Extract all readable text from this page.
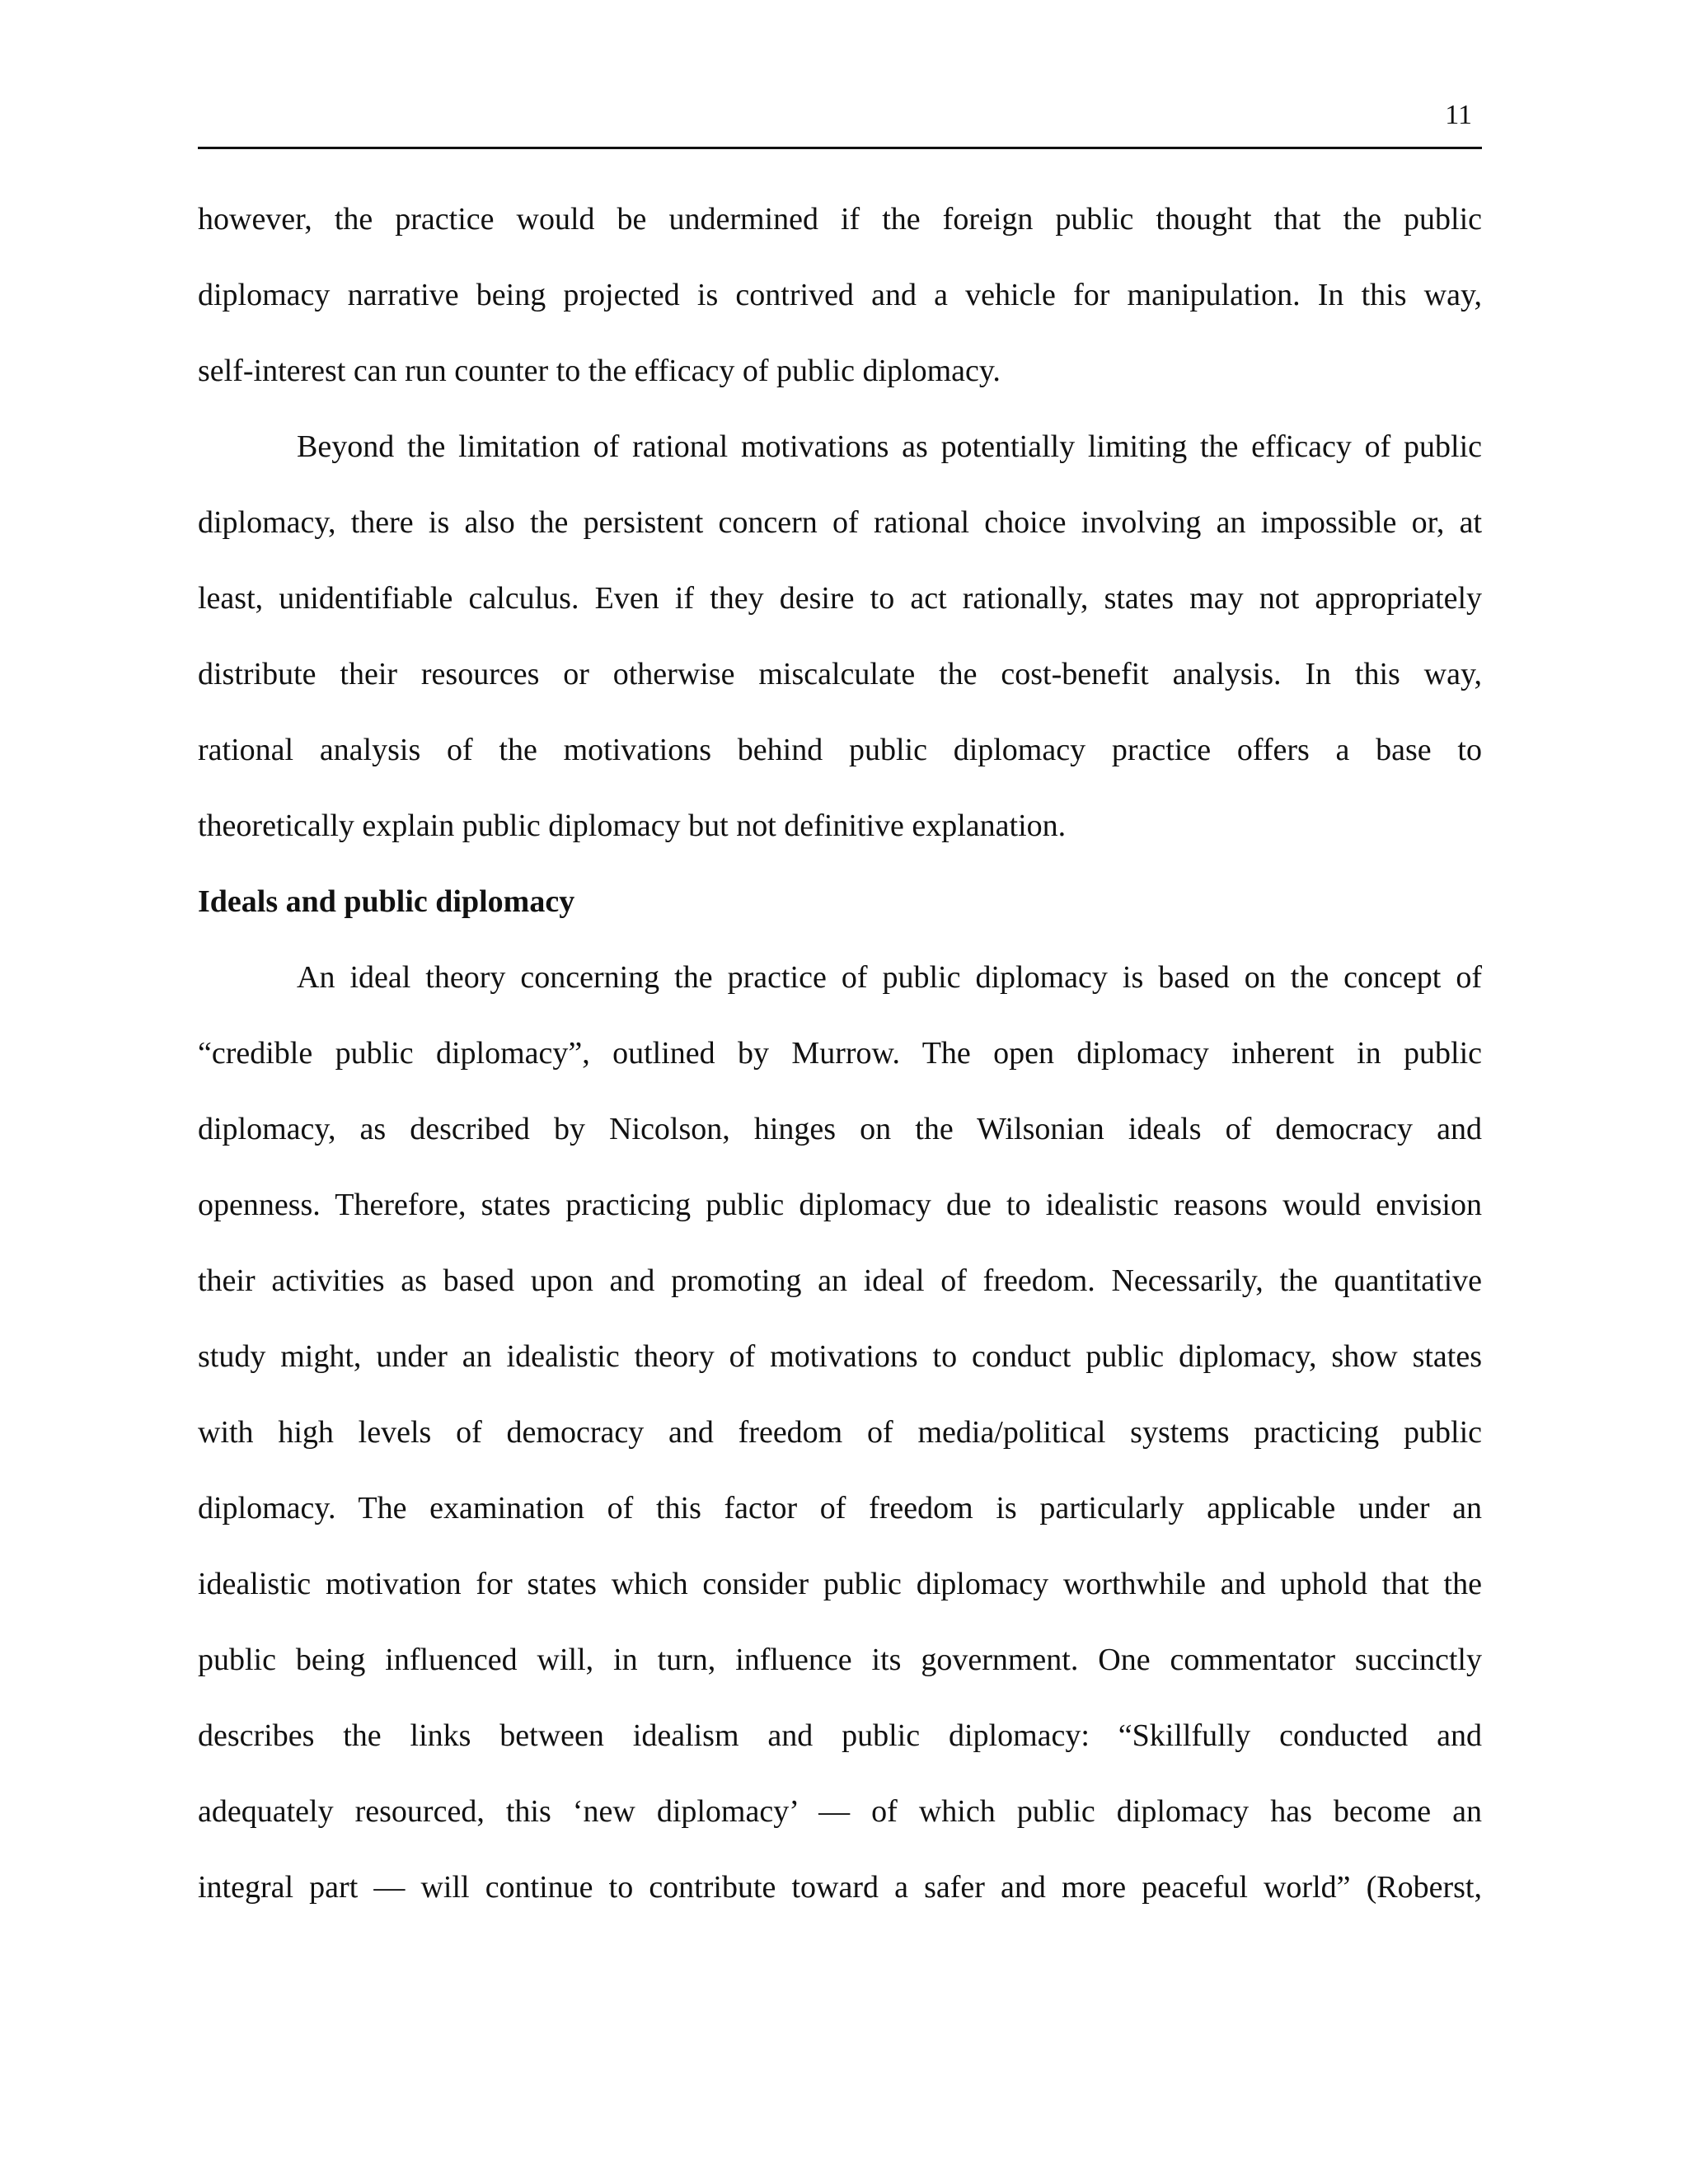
11
however, the practice would be undermined if the foreign public thought that the public
diplomacy narrative being projected is contrived and a vehicle for manipulation. In this way,
self-interest can run counter to the efficacy of public diplomacy.
Beyond the limitation of rational motivations as potentially limiting the efficacy of public
diplomacy, there is also the persistent concern of rational choice involving an impossible or, at
least, unidentifiable calculus. Even if they desire to act rationally, states may not appropriately
distribute their resources or otherwise miscalculate the cost-benefit analysis. In this way,
rational analysis of the motivations behind public diplomacy practice offers a base to
theoretically explain public diplomacy but not definitive explanation.
Ideals and public diplomacy
An ideal theory concerning the practice of public diplomacy is based on the concept of
“credible public diplomacy”, outlined by Murrow. The open diplomacy inherent in public
diplomacy, as described by Nicolson, hinges on the Wilsonian ideals of democracy and
openness. Therefore, states practicing public diplomacy due to idealistic reasons would envision
their activities as based upon and promoting an ideal of freedom. Necessarily, the quantitative
study might, under an idealistic theory of motivations to conduct public diplomacy, show states
with high levels of democracy and freedom of media/political systems practicing public
diplomacy. The examination of this factor of freedom is particularly applicable under an
idealistic motivation for states which consider public diplomacy worthwhile and uphold that the
public being influenced will, in turn, influence its government. One commentator succinctly
describes the links between idealism and public diplomacy: “Skillfully conducted and
adequately resourced, this ‘new diplomacy’ — of which public diplomacy has become an
integral part — will continue to contribute toward a safer and more peaceful world” (Roberst,
